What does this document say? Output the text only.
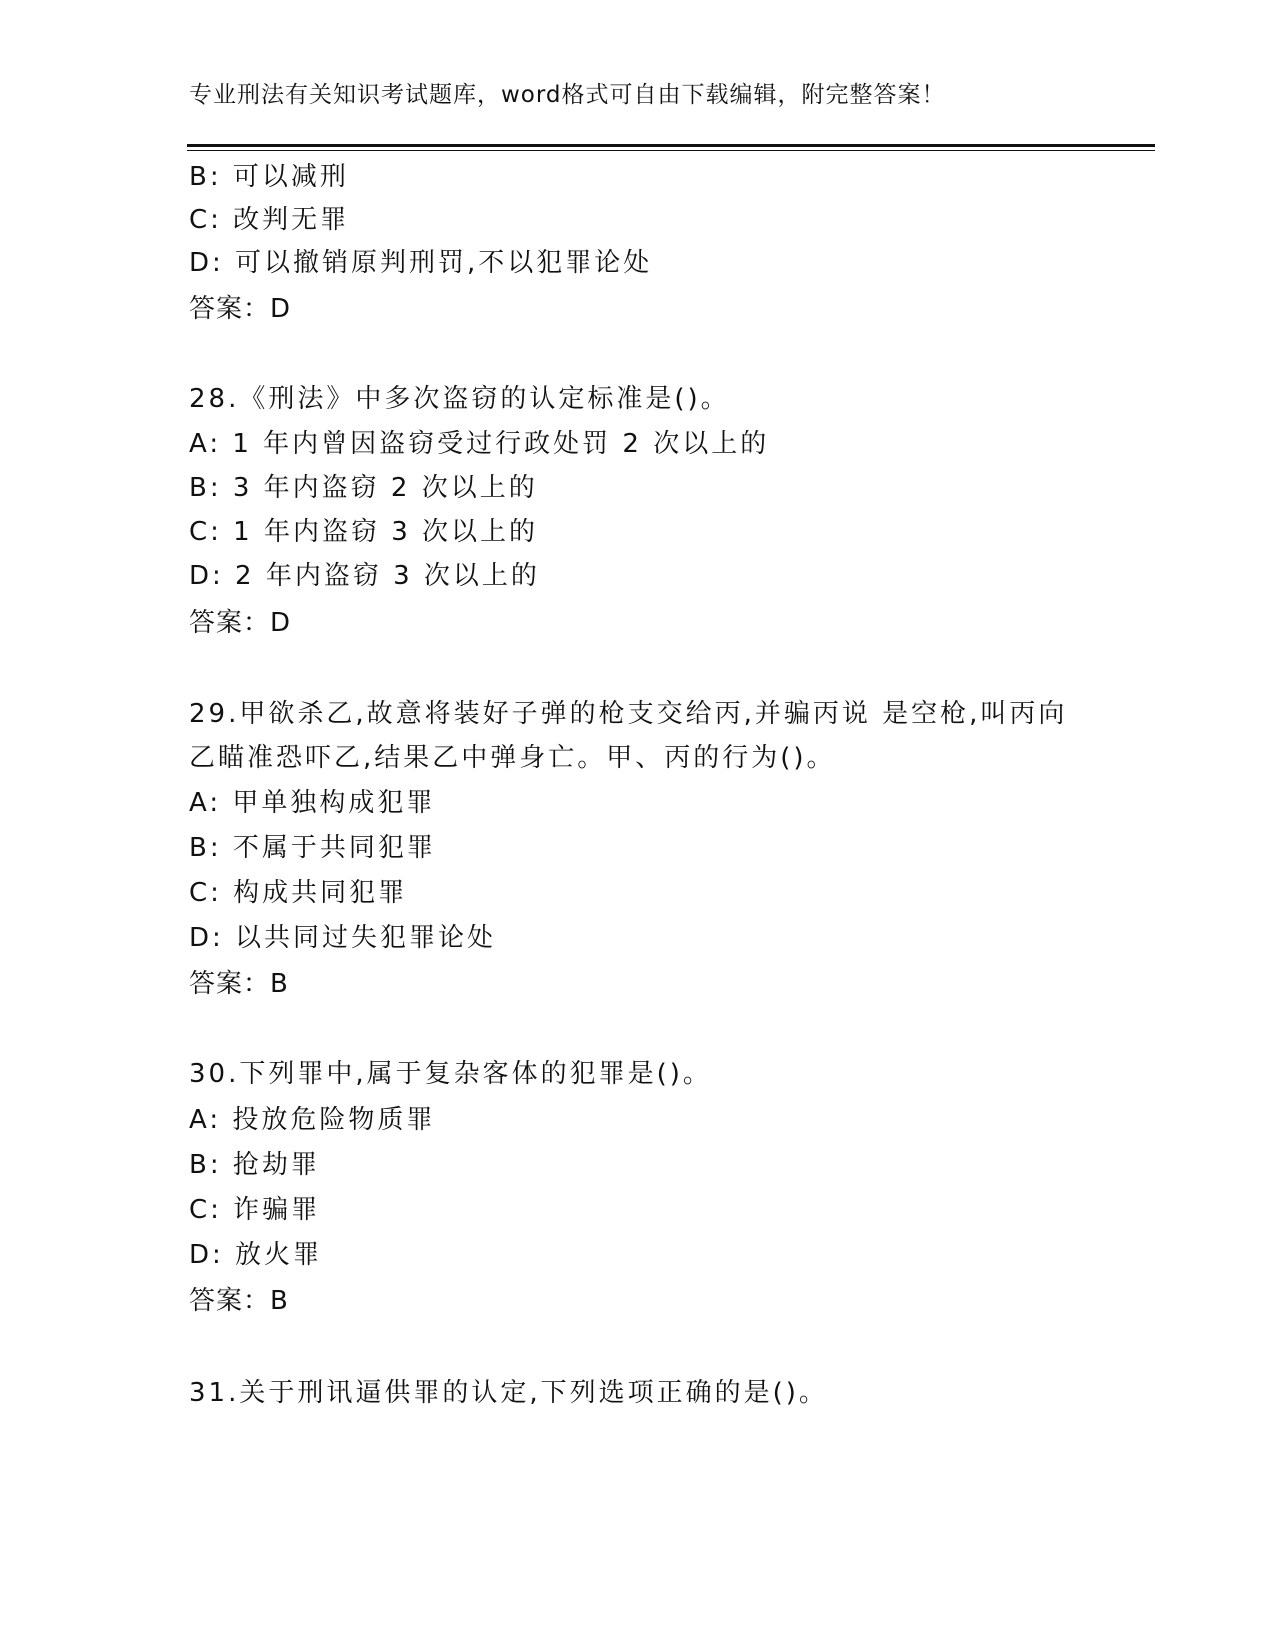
专业刑法有关知识考试题库，word格式可自由下载编辑，附完整答案！
B: 可以减刑
C: 改判无罪
D: 可以撤销原判刑罚,不以犯罪论处
答案：D
28.《刑法》中多次盗窃的认定标准是()。
A: 1 年内曾因盗窃受过行政处罚 2 次以上的
B: 3 年内盗窃 2 次以上的
C: 1 年内盗窃 3 次以上的
D: 2 年内盗窃 3 次以上的
答案：D
29.甲欲杀乙,故意将装好子弹的枪支交给丙,并骗丙说 是空枪,叫丙向
乙瞄准恐吓乙,结果乙中弹身亡。甲、丙的行为()。
A: 甲单独构成犯罪
B: 不属于共同犯罪
C: 构成共同犯罪
D: 以共同过失犯罪论处
答案：B
30.下列罪中,属于复杂客体的犯罪是()。
A: 投放危险物质罪
B: 抢劫罪
C: 诈骗罪
D: 放火罪
答案：B
31.关于刑讯逼供罪的认定,下列选项正确的是()。
